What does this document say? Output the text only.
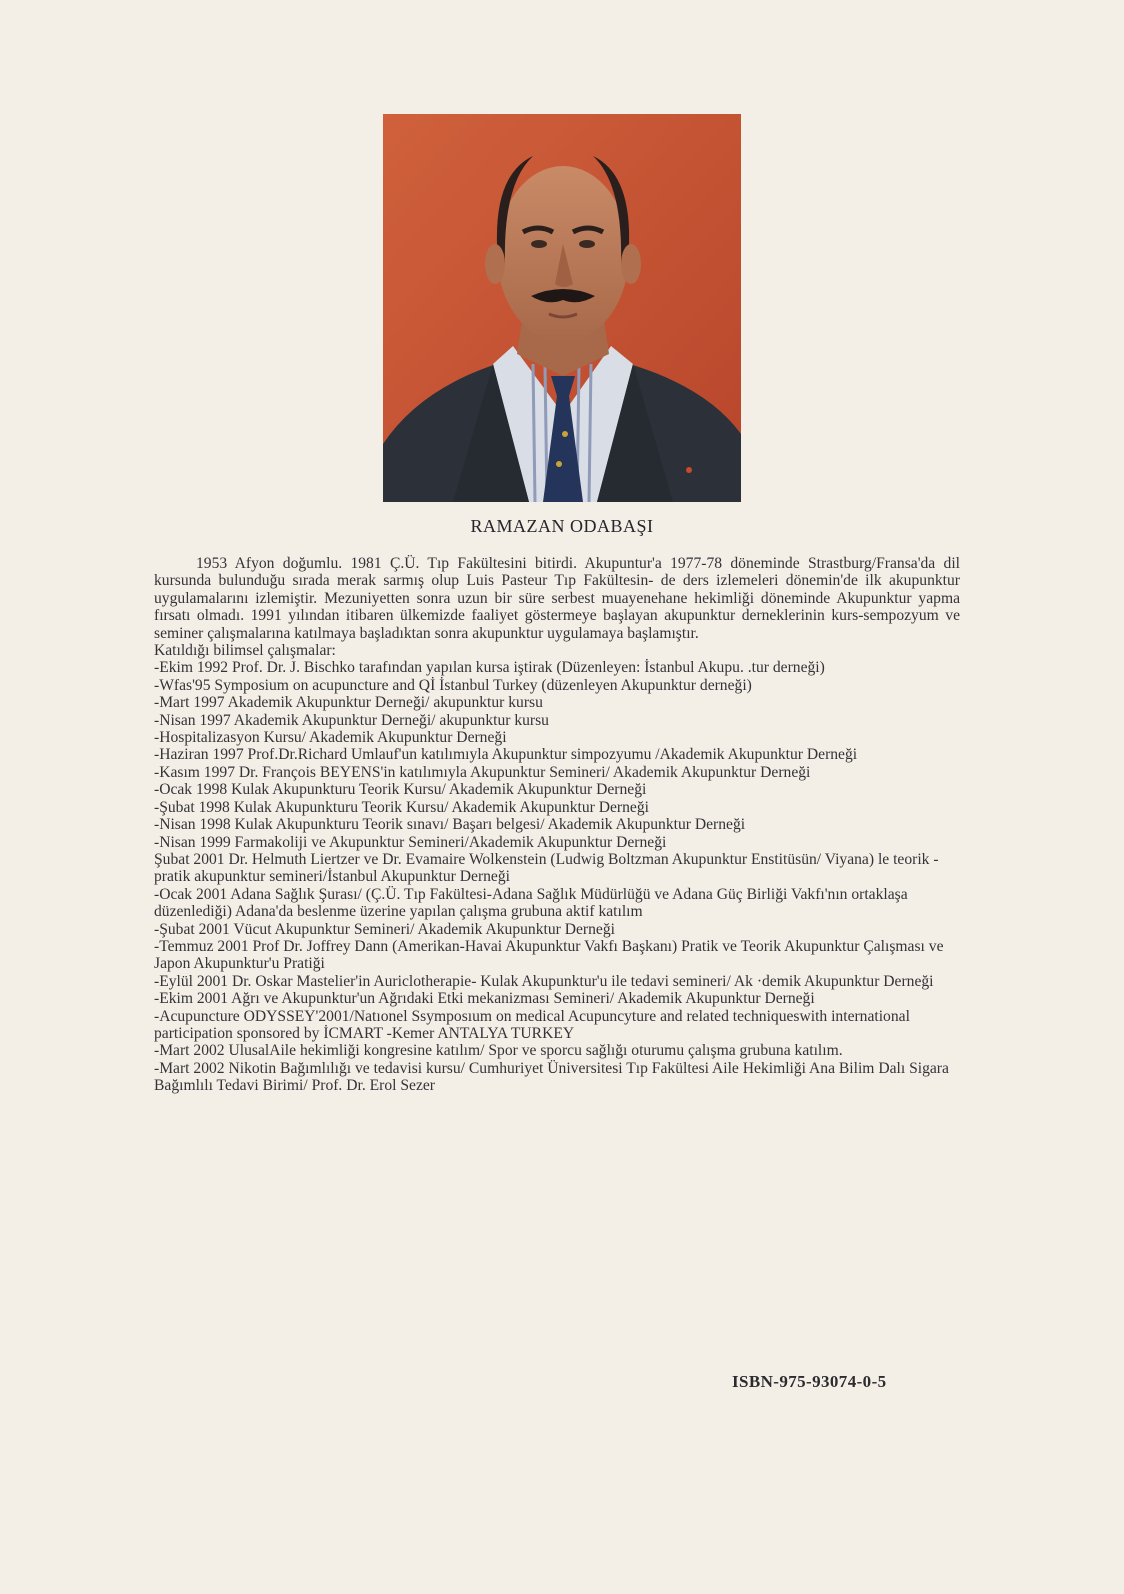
RAMAZAN ODABAŞI

1953 Afyon doğumlu. 1981 Ç.Ü. Tıp Fakültesini bitirdi. Akupuntur'a 1977-78 döneminde Strastburg/Fransa'da dil kursunda bulunduğu sırada merak sarmış olup Luis Pasteur Tıp Fakültesin- de ders izlemeleri dönemin'de ilk akupunktur uygulamalarını izlemiştir. Mezuniyetten sonra uzun bir süre serbest muayenehane hekimliği döneminde Akupunktur yapma fırsatı olmadı. 1991 yılından itibaren ülkemizde faaliyet göstermeye başlayan akupunktur derneklerinin kurs-sempozyum ve seminer çalışmalarına katılmaya başladıktan sonra akupunktur uygulamaya başlamıştır.

Katıldığı bilimsel çalışmalar:

-Ekim 1992 Prof. Dr. J. Bischko tarafından yapılan kursa iştirak (Düzenleyen: İstanbul Akupu. .tur derneği)
-Wfas'95 Symposium on acupuncture and Qİ İstanbul Turkey (düzenleyen Akupunktur derneği)
-Mart 1997 Akademik Akupunktur Derneği/ akupunktur kursu
-Nisan 1997 Akademik Akupunktur Derneği/ akupunktur kursu
-Hospitalizasyon Kursu/ Akademik Akupunktur Derneği
-Haziran 1997 Prof.Dr.Richard Umlauf'un katılımıyla Akupunktur simpozyumu /Akademik Akupunktur Derneği
-Kasım 1997 Dr. François BEYENS'in katılımıyla Akupunktur Semineri/ Akademik Akupunktur Derneği
-Ocak 1998 Kulak Akupunkturu Teorik Kursu/ Akademik Akupunktur Derneği
-Şubat 1998 Kulak Akupunkturu Teorik Kursu/ Akademik Akupunktur Derneği
-Nisan 1998 Kulak Akupunkturu Teorik sınavı/ Başarı belgesi/ Akademik Akupunktur Derneği
-Nisan 1999 Farmakoliji ve Akupunktur Semineri/Akademik Akupunktur Derneği
Şubat 2001 Dr. Helmuth Liertzer ve Dr. Evamaire Wolkenstein (Ludwig Boltzman Akupunktur Enstitüsün/ Viyana) le teorik -pratik akupunktur semineri/İstanbul Akupunktur Derneği
-Ocak 2001 Adana Sağlık Şurası/ (Ç.Ü. Tıp Fakültesi-Adana Sağlık Müdürlüğü ve Adana Güç Birliği Vakfı'nın ortaklaşa düzenlediği) Adana'da beslenme üzerine yapılan çalışma grubuna aktif katılım
-Şubat 2001 Vücut Akupunktur Semineri/ Akademik Akupunktur Derneği
-Temmuz 2001 Prof Dr. Joffrey Dann (Amerikan-Havai Akupunktur Vakfı Başkanı) Pratik ve Teorik Akupunktur Çalışması ve Japon Akupunktur'u Pratiği
-Eylül 2001 Dr. Oskar Mastelier'in Auriclotherapie- Kulak Akupunktur'u ile tedavi semineri/ Ak ·demik Akupunktur Derneği
-Ekim 2001 Ağrı ve Akupunktur'un Ağrıdaki Etki mekanizması Semineri/ Akademik Akupunktur Derneği
-Acupuncture ODYSSEY'2001/Natıonel Ssymposıum on medical Acupuncyture and related techniqueswith international participation sponsored by İCMART -Kemer ANTALYA TURKEY
-Mart 2002 UlusalAile hekimliği kongresine katılım/ Spor ve sporcu sağlığı oturumu çalışma grubuna katılım.
-Mart 2002 Nikotin Bağımlılığı ve tedavisi kursu/ Cumhuriyet Üniversitesi Tıp Fakültesi Aile Hekimliği Ana Bilim Dalı Sigara Bağımlılı Tedavi Birimi/ Prof. Dr. Erol Sezer
ISBN-975-93074-0-5
